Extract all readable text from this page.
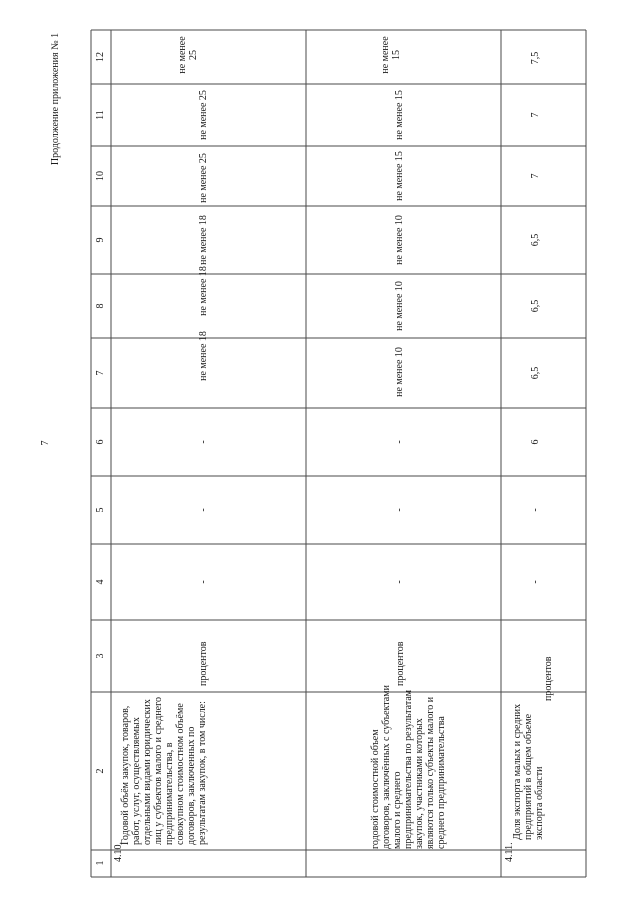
7
Продолжение приложения № 1
1
2
3
4
5
6
7
8
9
10
11
12
4.10.
Годовой объём закупок, товаров, работ, услуг, осуществляемых отдельными видами юридических лиц у субъектов малого и среднего предпринимательства, в совокупном стоимостном объёме договоров, заключенных по результатам закупок, в том числе:
процентов
-
-
-
не менее 18
не менее 18
не менее 18
не менее 25
не менее 25
не менее
25
годовой стоимостной объем договоров, заключённых с субъектами малого и среднего предпринимательства по результатам закупок, участниками которых являются только субъекты малого и среднего предпринимательства
процентов
-
-
-
не менее 10
не менее 10
не менее 10
не менее 15
не менее 15
не менее
15
4.11.
Доля экспорта малых и средних предприятий в общем объеме экспорта области
процентов
-
-
6
6,5
6,5
6,5
7
7
7,5
